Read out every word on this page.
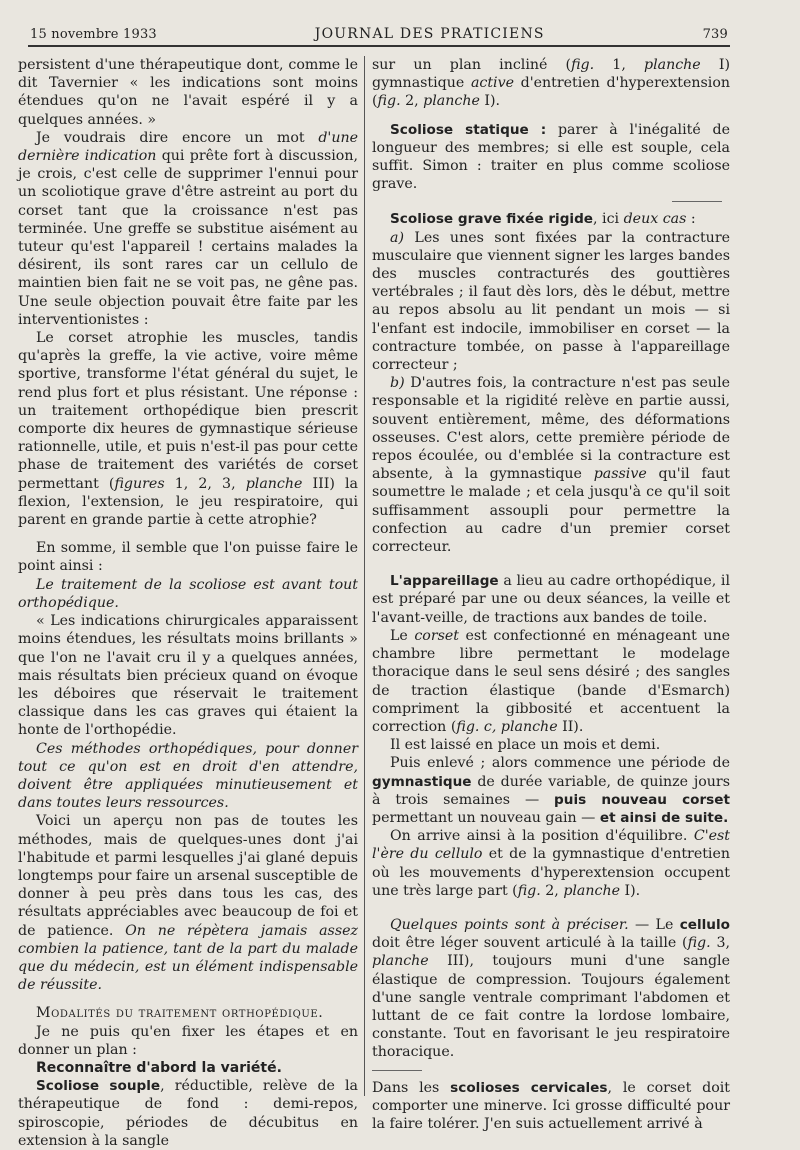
15 novembre 1933	JOURNAL DES PRATICIENS	739

persistent d'une thérapeutique dont, comme le dit Tavernier « les indications sont moins étendues qu'on ne l'avait espéré il y a quelques années. »

Je voudrais dire encore un mot d'une dernière indication qui prête fort à discussion, je crois, c'est celle de supprimer l'ennui pour un scoliotique grave d'être astreint au port du corset tant que la croissance n'est pas terminée. Une greffe se substitue aisément au tuteur qu'est l'appareil ! certains malades la désirent, ils sont rares car un cellulo de maintien bien fait ne se voit pas, ne gêne pas. Une seule objection pouvait être faite par les interventionistes :

Le corset atrophie les muscles, tandis qu'après la greffe, la vie active, voire même sportive, transforme l'état général du sujet, le rend plus fort et plus résistant. Une réponse : un traitement orthopédique bien prescrit comporte dix heures de gymnastique sérieuse rationnelle, utile, et puis n'est-il pas pour cette phase de traitement des variétés de corset permettant (figures 1, 2, 3, planche III) la flexion, l'extension, le jeu respiratoire, qui parent en grande partie à cette atrophie?

En somme, il semble que l'on puisse faire le point ainsi :

Le traitement de la scoliose est avant tout orthopédique.

« Les indications chirurgicales apparaissent moins étendues, les résultats moins brillants » que l'on ne l'avait cru il y a quelques années, mais résultats bien précieux quand on évoque les déboires que réservait le traitement classique dans les cas graves qui étaient la honte de l'orthopédie.

Ces méthodes orthopédiques, pour donner tout ce qu'on est en droit d'en attendre, doivent être appliquées minutieusement et dans toutes leurs ressources.

Voici un aperçu non pas de toutes les méthodes, mais de quelques-unes dont j'ai l'habitude et parmi lesquelles j'ai glané depuis longtemps pour faire un arsenal susceptible de donner à peu près dans tous les cas, des résultats appréciables avec beaucoup de foi et de patience. On ne répètera jamais assez combien la patience, tant de la part du malade que du médecin, est un élément indispensable de réussite.

Modalités du traitement orthopédique.

Je ne puis qu'en fixer les étapes et en donner un plan :

Reconnaître d'abord la variété.

Scoliose souple, réductible, relève de la thérapeutique de fond : demi-repos, spiroscopie, périodes de décubitus en extension à la sangle

sur un plan incliné (fig. 1, planche I) gymnastique active d'entretien d'hyperextension (fig. 2, planche I).

Scoliose statique : parer à l'inégalité de longueur des membres; si elle est souple, cela suffit. Simon : traiter en plus comme scoliose grave.

Scoliose grave fixée rigide, ici deux cas :

a) Les unes sont fixées par la contracture musculaire que viennent signer les larges bandes des muscles contracturés des gouttières vertébrales ; il faut dès lors, dès le début, mettre au repos absolu au lit pendant un mois — si l'enfant est indocile, immobiliser en corset — la contracture tombée, on passe à l'appareillage correcteur ;

b) D'autres fois, la contracture n'est pas seule responsable et la rigidité relève en partie aussi, souvent entièrement, même, des déformations osseuses. C'est alors, cette première période de repos écoulée, ou d'emblée si la contracture est absente, à la gymnastique passive qu'il faut soumettre le malade ; et cela jusqu'à ce qu'il soit suffisamment assoupli pour permettre la confection au cadre d'un premier corset correcteur.

L'appareillage a lieu au cadre orthopédique, il est préparé par une ou deux séances, la veille et l'avant-veille, de tractions aux bandes de toile.

Le corset est confectionné en ménageant une chambre libre permettant le modelage thoracique dans le seul sens désiré ; des sangles de traction élastique (bande d'Esmarch) compriment la gibbosité et accentuent la correction (fig. c, planche II).

Il est laissé en place un mois et demi.

Puis enlevé ; alors commence une période de gymnastique de durée variable, de quinze jours à trois semaines — puis nouveau corset permettant un nouveau gain — et ainsi de suite.

On arrive ainsi à la position d'équilibre. C'est l'ère du cellulo et de la gymnastique d'entretien où les mouvements d'hyperextension occupent une très large part (fig. 2, planche I).

Quelques points sont à préciser. — Le cellulo doit être léger souvent articulé à la taille (fig. 3, planche III), toujours muni d'une sangle élastique de compression. Toujours également d'une sangle ventrale comprimant l'abdomen et luttant de ce fait contre la lordose lombaire, constante. Tout en favorisant le jeu respiratoire thoracique.

Dans les scolioses cervicales, le corset doit comporter une minerve. Ici grosse difficulté pour la faire tolérer. J'en suis actuellement arrivé à
